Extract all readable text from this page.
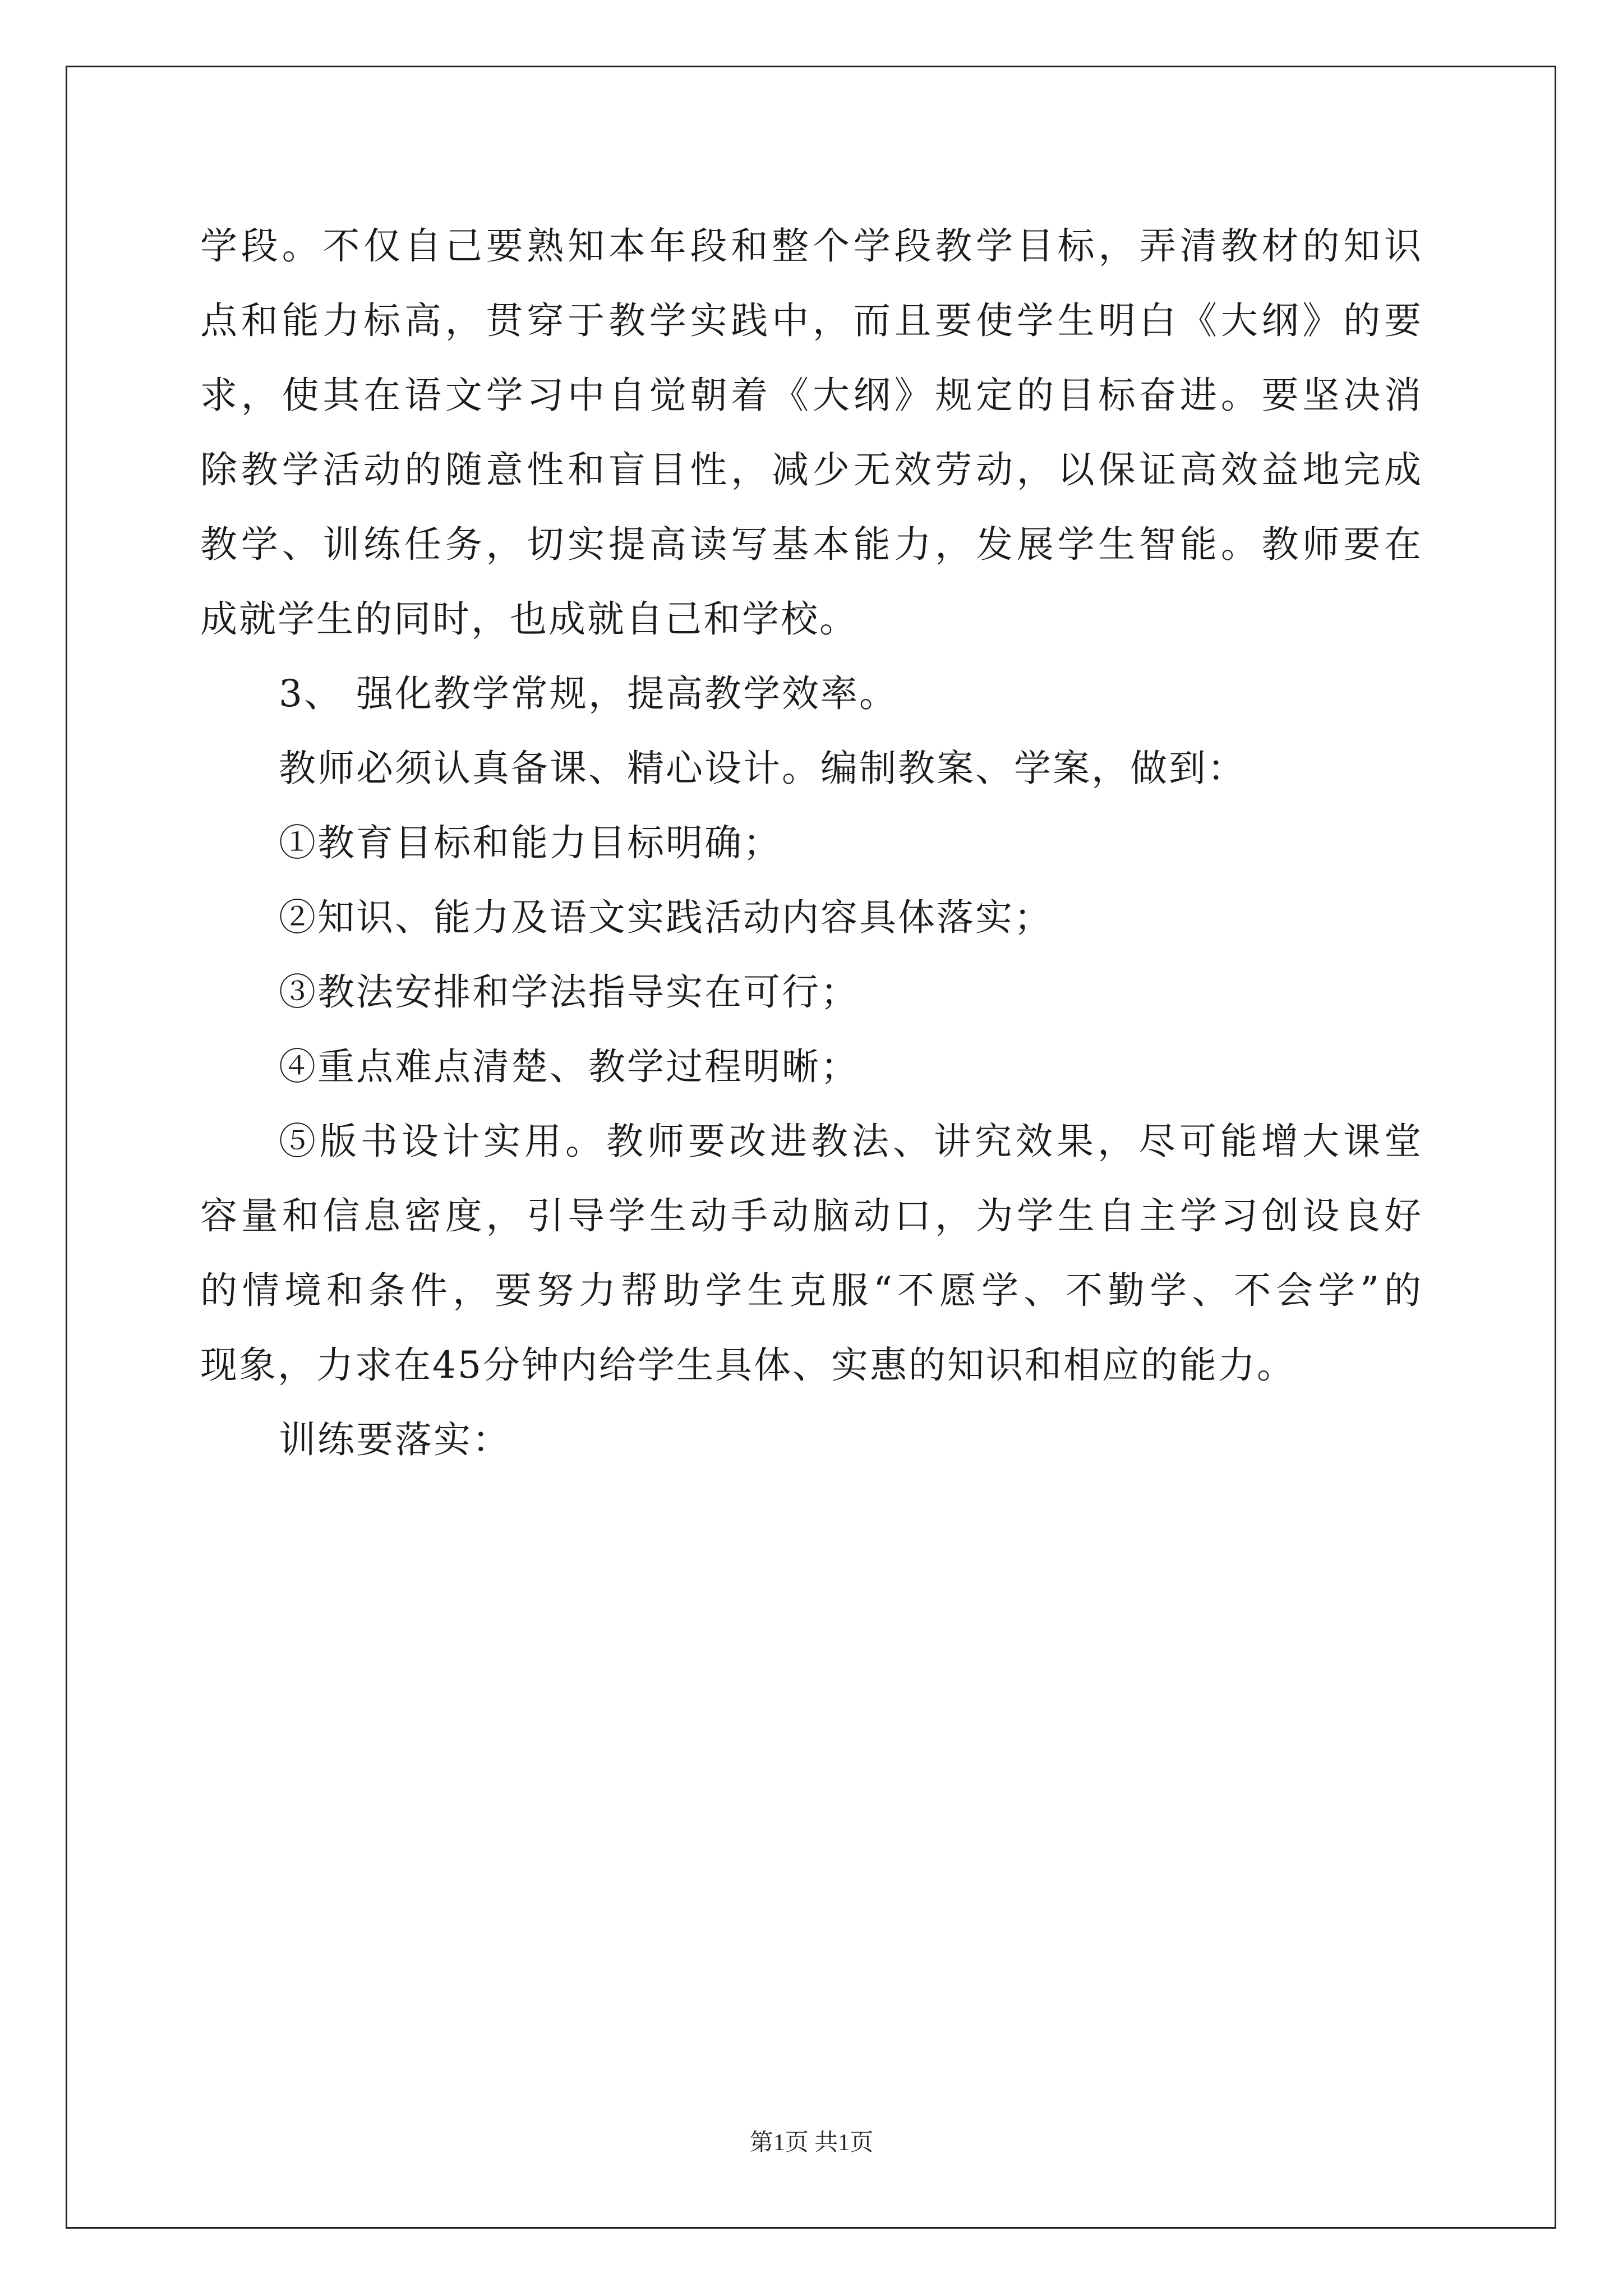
学段。不仅自己要熟知本年段和整个学段教学目标，弄清教材的知识
点和能力标高，贯穿于教学实践中，而且要使学生明白《大纲》的要
求，使其在语文学习中自觉朝着《大纲》规定的目标奋进。要坚决消
除教学活动的随意性和盲目性，减少无效劳动，以保证高效益地完成
教学、训练任务，切实提高读写基本能力，发展学生智能。教师要在
成就学生的同时，也成就自己和学校。
3、 强化教学常规，提高教学效率。
教师必须认真备课、精心设计。编制教案、学案，做到：
①教育目标和能力目标明确；
②知识、能力及语文实践活动内容具体落实；
③教法安排和学法指导实在可行；
④重点难点清楚、教学过程明晰；
⑤版书设计实用。教师要改进教法、讲究效果，尽可能增大课堂
容量和信息密度，引导学生动手动脑动口，为学生自主学习创设良好
的情境和条件，要努力帮助学生克服“不愿学、不勤学、不会学”的
现象，力求在45分钟内给学生具体、实惠的知识和相应的能力。
训练要落实：
第1页 共1页
